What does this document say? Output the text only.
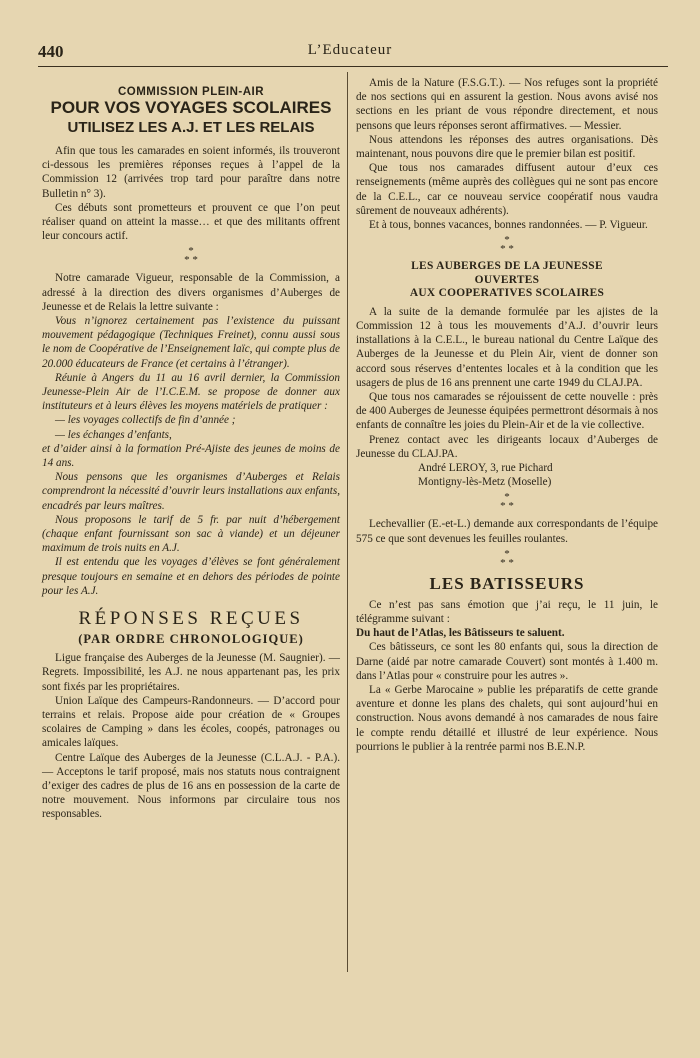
440	L’Educateur
COMMISSION PLEIN-AIR
POUR VOS VOYAGES SCOLAIRES
UTILISEZ LES A.J. ET LES RELAIS

Afin que tous les camarades en soient informés, ils trouveront ci-dessous les premières réponses reçues à l’appel de la Commission 12 (arrivées trop tard pour paraître dans notre Bulletin n° 3).

Ces débuts sont prometteurs et prouvent ce que l’on peut réaliser quand on atteint la masse… et que des militants offrent leur concours actif.

*
* *

Notre camarade Vigueur, responsable de la Commission, a adressé à la direction des divers organismes d’Auberges de Jeunesse et de Relais la lettre suivante :

Vous n’ignorez certainement pas l’existence du puissant mouvement pédagogique (Techniques Freinet), connu aussi sous le nom de Coopérative de l’Enseignement laïc, qui compte plus de 20.000 éducateurs de France (et certains à l’étranger).

Réunie à Angers du 11 au 16 avril dernier, la Commission Jeunesse-Plein Air de l’I.C.E.M. se propose de donner aux instituteurs et à leurs élèves les moyens matériels de pratiquer :

— les voyages collectifs de fin d’année ;

— les échanges d’enfants,

et d’aider ainsi à la formation Pré-Ajiste des jeunes de moins de 14 ans.

Nous pensons que les organismes d’Auberges et Relais comprendront la nécessité d’ouvrir leurs installations aux enfants, encadrés par leurs maîtres.

Nous proposons le tarif de 5 fr. par nuit d’hébergement (chaque enfant fournissant son sac à viande) et un déjeuner maximum de trois nuits en A.J.

Il est entendu que les voyages d’élèves se font généralement presque toujours en semaine et en dehors des périodes de pointe pour les A.J.

RÉPONSES REÇUES
(PAR ORDRE CHRONOLOGIQUE)

Ligue française des Auberges de la Jeunesse (M. Saugnier). — Regrets. Impossibilité, les A.J. ne nous appartenant pas, les prix sont fixés par les propriétaires.

Union Laïque des Campeurs-Randonneurs. — D’accord pour terrains et relais. Propose aide pour création de « Groupes scolaires de Camping » dans les écoles, coopés, patronages ou amicales laïques.

Centre Laïque des Auberges de la Jeunesse (C.L.A.J. - P.A.). — Acceptons le tarif proposé, mais nos statuts nous contraignent d’exiger des cadres de plus de 16 ans en possession de la carte de notre mouvement. Nous informons par circulaire tous nos responsables.

Amis de la Nature (F.S.G.T.). — Nos refuges sont la propriété de nos sections qui en assurent la gestion. Nous avons avisé nos sections en les priant de vous répondre directement, et nous pensons que leurs réponses seront affirmatives. — Messier.

Nous attendons les réponses des autres organisations. Dès maintenant, nous pouvons dire que le premier bilan est positif.

Que tous nos camarades diffusent autour d’eux ces renseignements (même auprès des collègues qui ne sont pas encore de la C.E.L., car ce nouveau service coopératif nous vaudra sûrement de nouveaux adhérents).

Et à tous, bonnes vacances, bonnes randonnées. — P. Vigueur.

*
* *
LES AUBERGES DE LA JEUNESSE
OUVERTES
AUX COOPERATIVES SCOLAIRES

A la suite de la demande formulée par les ajistes de la Commission 12 à tous les mouvements d’A.J. d’ouvrir leurs installations à la C.E.L., le bureau national du Centre Laïque des Auberges de la Jeunesse et du Plein Air, vient de donner son accord sous réserves d’ententes locales et à la condition que les usagers de plus de 16 ans prennent une carte 1949 du CLAJ.PA.

Que tous nos camarades se réjouissent de cette nouvelle : près de 400 Auberges de Jeunesse équipées permettront désormais à nos enfants de connaître les joies du Plein-Air et de la vie collective.

Prenez contact avec les dirigeants locaux d’Auberges de Jeunesse du CLAJ.PA.

André LEROY, 3, rue Pichard
Montigny-lès-Metz (Moselle)
*
* *

Lechevallier (E.-et-L.) demande aux correspondants de l’équipe 575 ce que sont devenues les feuilles roulantes.

*
* *
LES BATISSEURS

Ce n’est pas sans émotion que j’ai reçu, le 11 juin, le télégramme suivant :

Du haut de l’Atlas, les Bâtisseurs te saluent.

Ces bâtisseurs, ce sont les 80 enfants qui, sous la direction de Darne (aidé par notre camarade Couvert) sont montés à 1.400 m. dans l’Atlas pour « construire pour les autres ».

La « Gerbe Marocaine » publie les préparatifs de cette grande aventure et donne les plans des chalets, qui sont aujourd’hui en construction. Nous avons demandé à nos camarades de nous faire le compte rendu détaillé et illustré de leur expérience. Nous pourrions le publier à la rentrée parmi nos B.E.N.P.
